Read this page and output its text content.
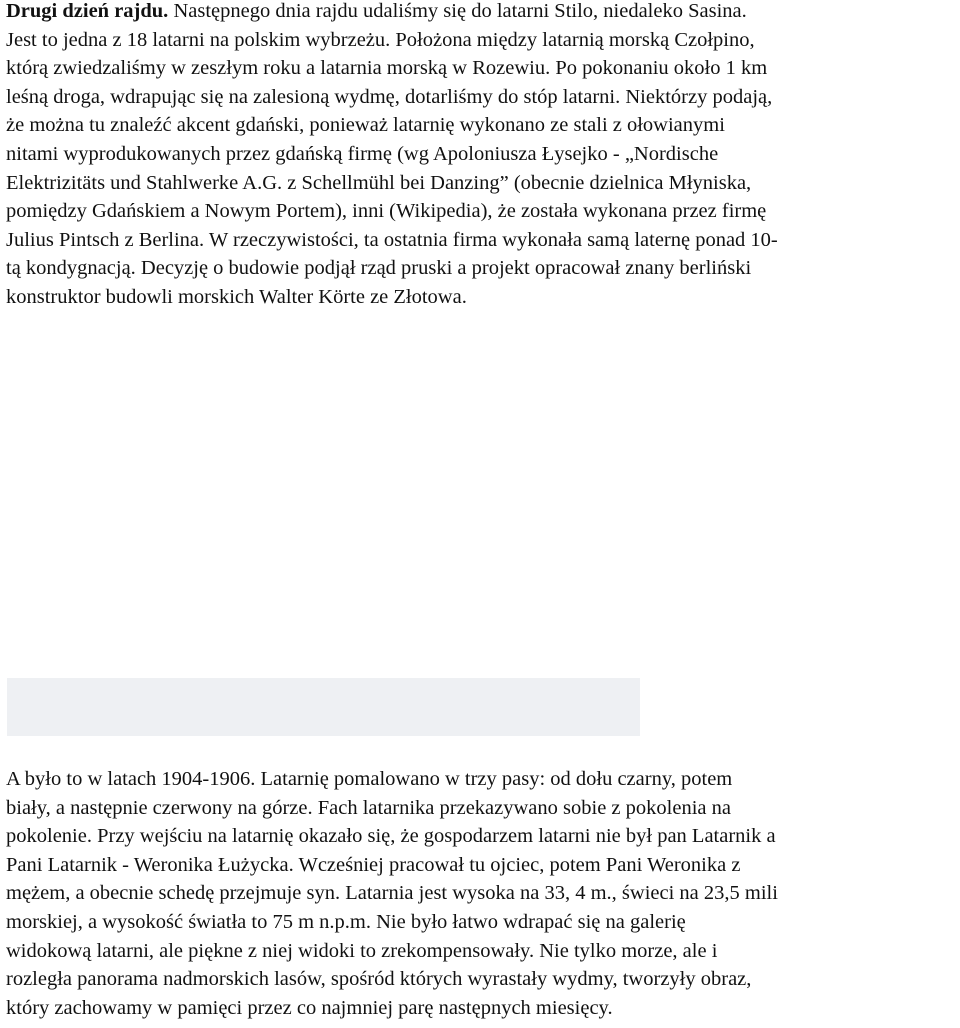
Drugi dzień rajdu. Następnego dnia rajdu udaliśmy się do latarni Stilo, niedaleko Sasina.
Jest to jedna z 18 latarni na polskim wybrzeżu. Położona między latarnią morską Czołpino,
którą zwiedzaliśmy w zeszłym roku a latarnia morską w Rozewiu. Po pokonaniu około 1 km
leśną droga, wdrapując się na zalesioną wydmę, dotarliśmy do stóp latarni. Niektórzy podają,
że można tu znaleźć akcent gdański, ponieważ latarnię wykonano ze stali z ołowianymi
nitami wyprodukowanych przez gdańską firmę (wg Apoloniusza Łysejko - „Nordische
Elektrizitäts und Stahlwerke A.G. z Schellmühl bei Danzing” (obecnie dzielnica Młyniska,
pomiędzy Gdańskiem a Nowym Portem), inni (Wikipedia), że została wykonana przez firmę
Julius Pintsch z Berlina. W rzeczywistości, ta ostatnia firma wykonała samą laternę ponad 10-
tą kondygnacją. Decyzję o budowie podjął rząd pruski a projekt opracował znany berliński
konstruktor budowli morskich Walter Körte ze Złotowa.
A było to w latach 1904-1906. Latarnię pomalowano w trzy pasy: od dołu czarny, potem
biały, a następnie czerwony na górze. Fach latarnika przekazywano sobie z pokolenia na
pokolenie. Przy wejściu na latarnię okazało się, że gospodarzem latarni nie był pan Latarnik a
Pani Latarnik - Weronika Łużycka. Wcześniej pracował tu ojciec, potem Pani Weronika z
mężem, a obecnie schedę przejmuje syn. Latarnia jest wysoka na 33, 4 m., świeci na 23,5 mili
morskiej, a wysokość światła to 75 m n.p.m. Nie było łatwo wdrapać się na galerię
widokową latarni, ale piękne z niej widoki to zrekompensowały. Nie tylko morze, ale i
rozległa panorama nadmorskich lasów, spośród których wyrastały wydmy, tworzyły obraz,
który zachowamy w pamięci przez co najmniej parę następnych miesięcy.
